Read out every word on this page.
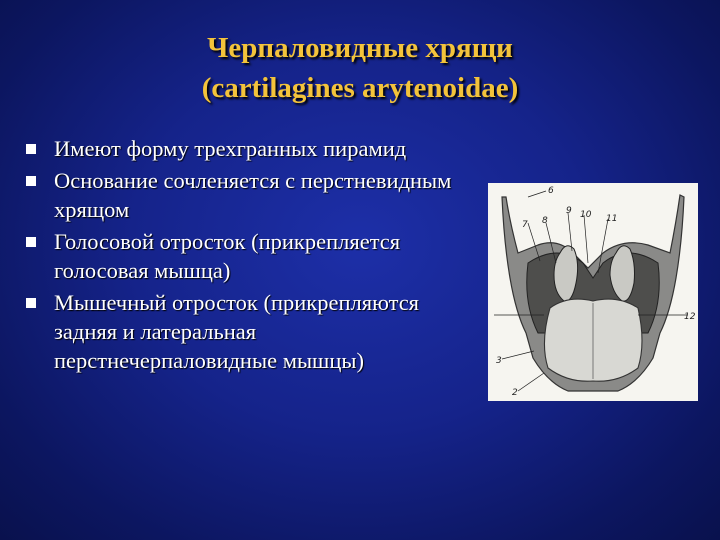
Черпаловидные хрящи
(cartilagines arytenoidae)
Имеют форму трехгранных пирамид
Основание сочленяется с перстневидным хрящом
Голосовой отросток (прикрепляется голосовая мышца)
Мышечный отросток (прикрепляются задняя и латеральная перстнечерпаловидные мышцы)
6
7 8
9 10 11
12
3
2
